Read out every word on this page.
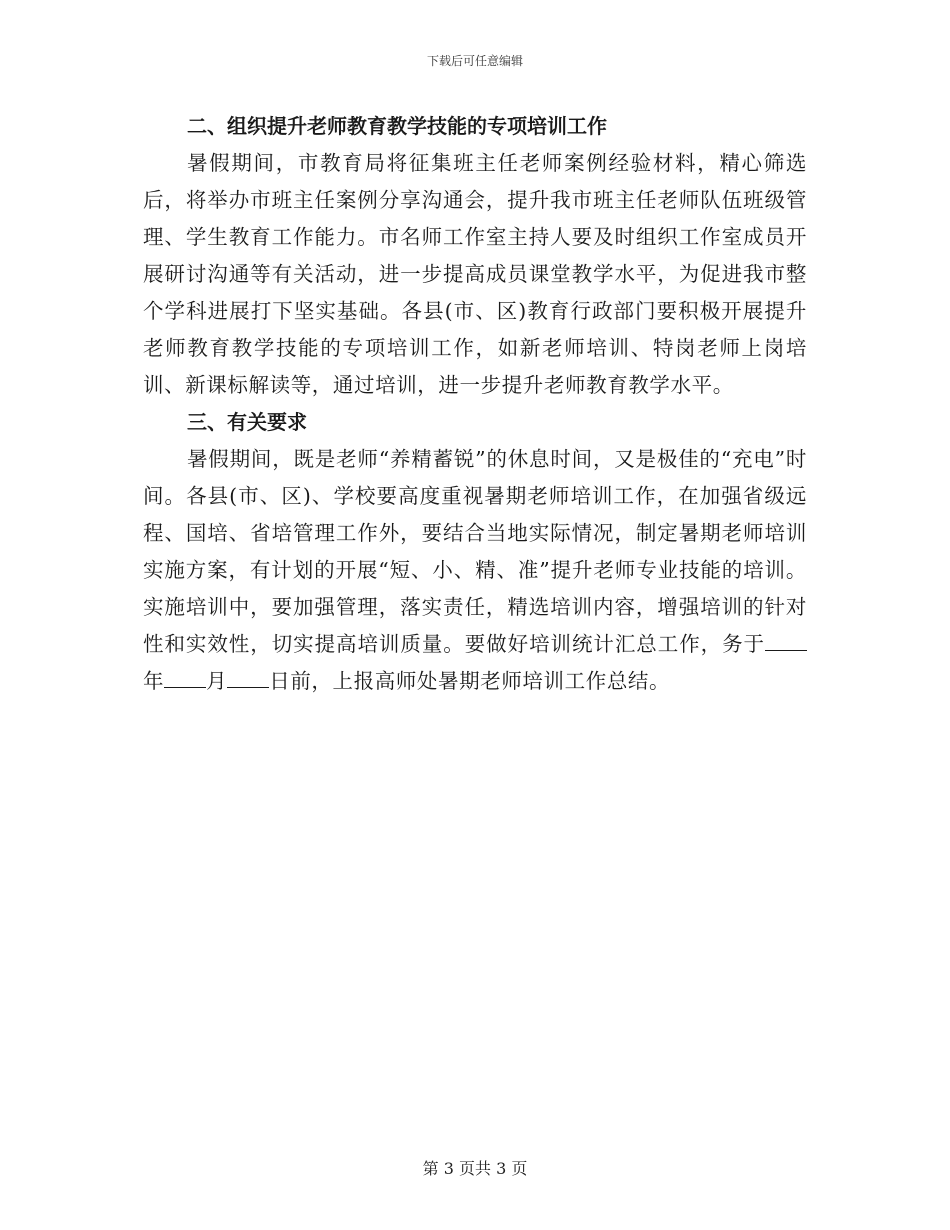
下载后可任意编辑

二、组织提升老师教育教学技能的专项培训工作

暑假期间，市教育局将征集班主任老师案例经验材料，精心筛选后，将举办市班主任案例分享沟通会，提升我市班主任老师队伍班级管理、学生教育工作能力。市名师工作室主持人要及时组织工作室成员开展研讨沟通等有关活动，进一步提高成员课堂教学水平，为促进我市整个学科进展打下坚实基础。各县(市、区)教育行政部门要积极开展提升老师教育教学技能的专项培训工作，如新老师培训、特岗老师上岗培训、新课标解读等，通过培训，进一步提升老师教育教学水平。

三、有关要求

暑假期间，既是老师“养精蓄锐”的休息时间，又是极佳的“充电”时间。各县(市、区)、学校要高度重视暑期老师培训工作，在加强省级远程、国培、省培管理工作外，要结合当地实际情况，制定暑期老师培训实施方案，有计划的开展“短、小、精、准”提升老师专业技能的培训。实施培训中，要加强管理，落实责任，精选培训内容，增强培训的针对性和实效性，切实提高培训质量。要做好培训统计汇总工作，务于年 月 日前，上报高师处暑期老师培训工作总结。

第 3 页共 3 页
